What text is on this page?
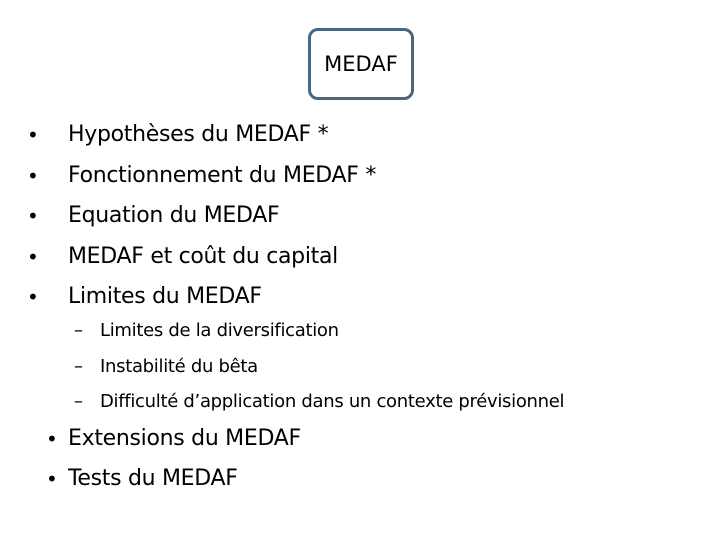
MEDAF
• Hypothèses du MEDAF *
• Fonctionnement du MEDAF *
• Equation du MEDAF
• MEDAF et coût du capital
• Limites du MEDAF
– Limites de la diversification
– Instabilité du bêta
– Difficulté d’application dans un contexte prévisionnel
• Extensions du MEDAF
• Tests du MEDAF
